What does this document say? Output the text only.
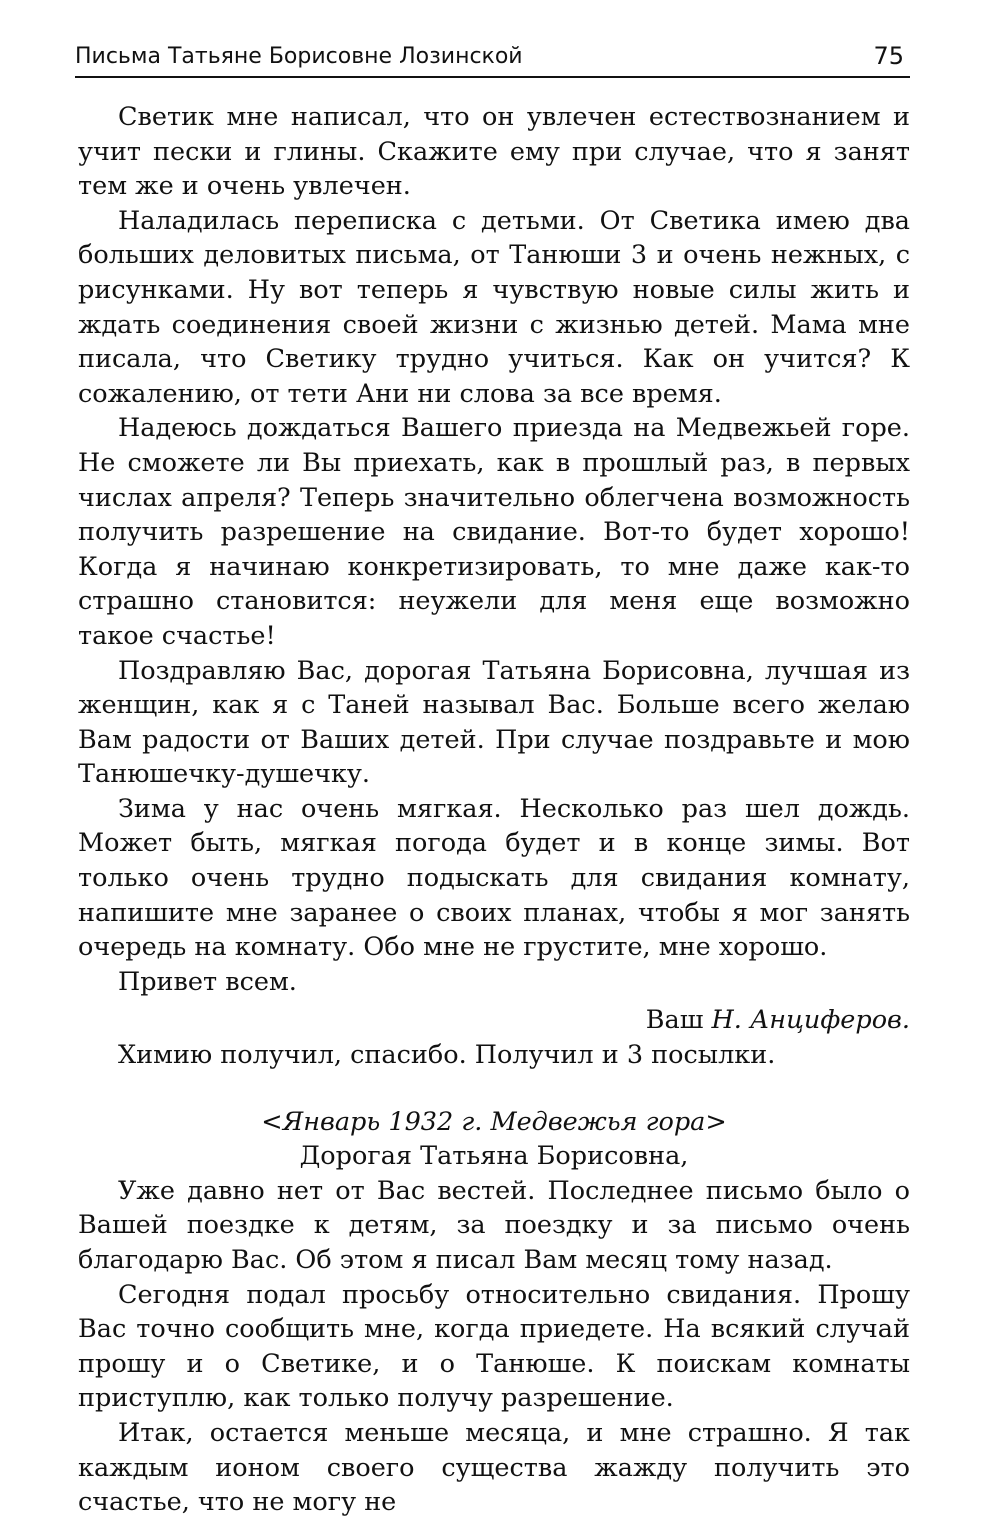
Письма Татьяне Борисовне Лозинской	75

Светик мне написал, что он увлечен естествознанием и учит пески и глины. Скажите ему при случае, что я занят тем же и очень увлечен.

Наладилась переписка с детьми. От Светика имею два больших деловитых письма, от Танюши 3 и очень нежных, с рисунками. Ну вот теперь я чувствую новые силы жить и ждать соединения своей жизни с жизнью детей. Мама мне писала, что Светику трудно учиться. Как он учится? К сожалению, от тети Ани ни слова за все время.

Надеюсь дождаться Вашего приезда на Медвежьей горе. Не сможете ли Вы приехать, как в прошлый раз, в первых числах апреля? Теперь значительно облегчена возможность получить разрешение на свидание. Вот-то будет хорошо! Когда я начинаю конкретизировать, то мне даже как-то страшно становится: неужели для меня еще возможно такое счастье!

Поздравляю Вас, дорогая Татьяна Борисовна, лучшая из женщин, как я с Таней называл Вас. Больше всего желаю Вам радости от Ваших детей. При случае поздравьте и мою Танюшечку-душечку.

Зима у нас очень мягкая. Несколько раз шел дождь. Может быть, мягкая погода будет и в конце зимы. Вот только очень трудно подыскать для свидания комнату, напишите мне заранее о своих планах, чтобы я мог занять очередь на комнату. Обо мне не грустите, мне хорошо.

Привет всем.

Ваш Н. Анциферов.

Химию получил, спасибо. Получил и 3 посылки.

<Январь 1932 г. Медвежья гора>

Дорогая Татьяна Борисовна,

Уже давно нет от Вас вестей. Последнее письмо было о Вашей поездке к детям, за поездку и за письмо очень благодарю Вас. Об этом я писал Вам месяц тому назад.

Сегодня подал просьбу относительно свидания. Прошу Вас точно сообщить мне, когда приедете. На всякий случай прошу и о Светике, и о Танюше. К поискам комнаты приступлю, как только получу разрешение.

Итак, остается меньше месяца, и мне страшно. Я так каждым ионом своего существа жажду получить это счастье, что не могу не
